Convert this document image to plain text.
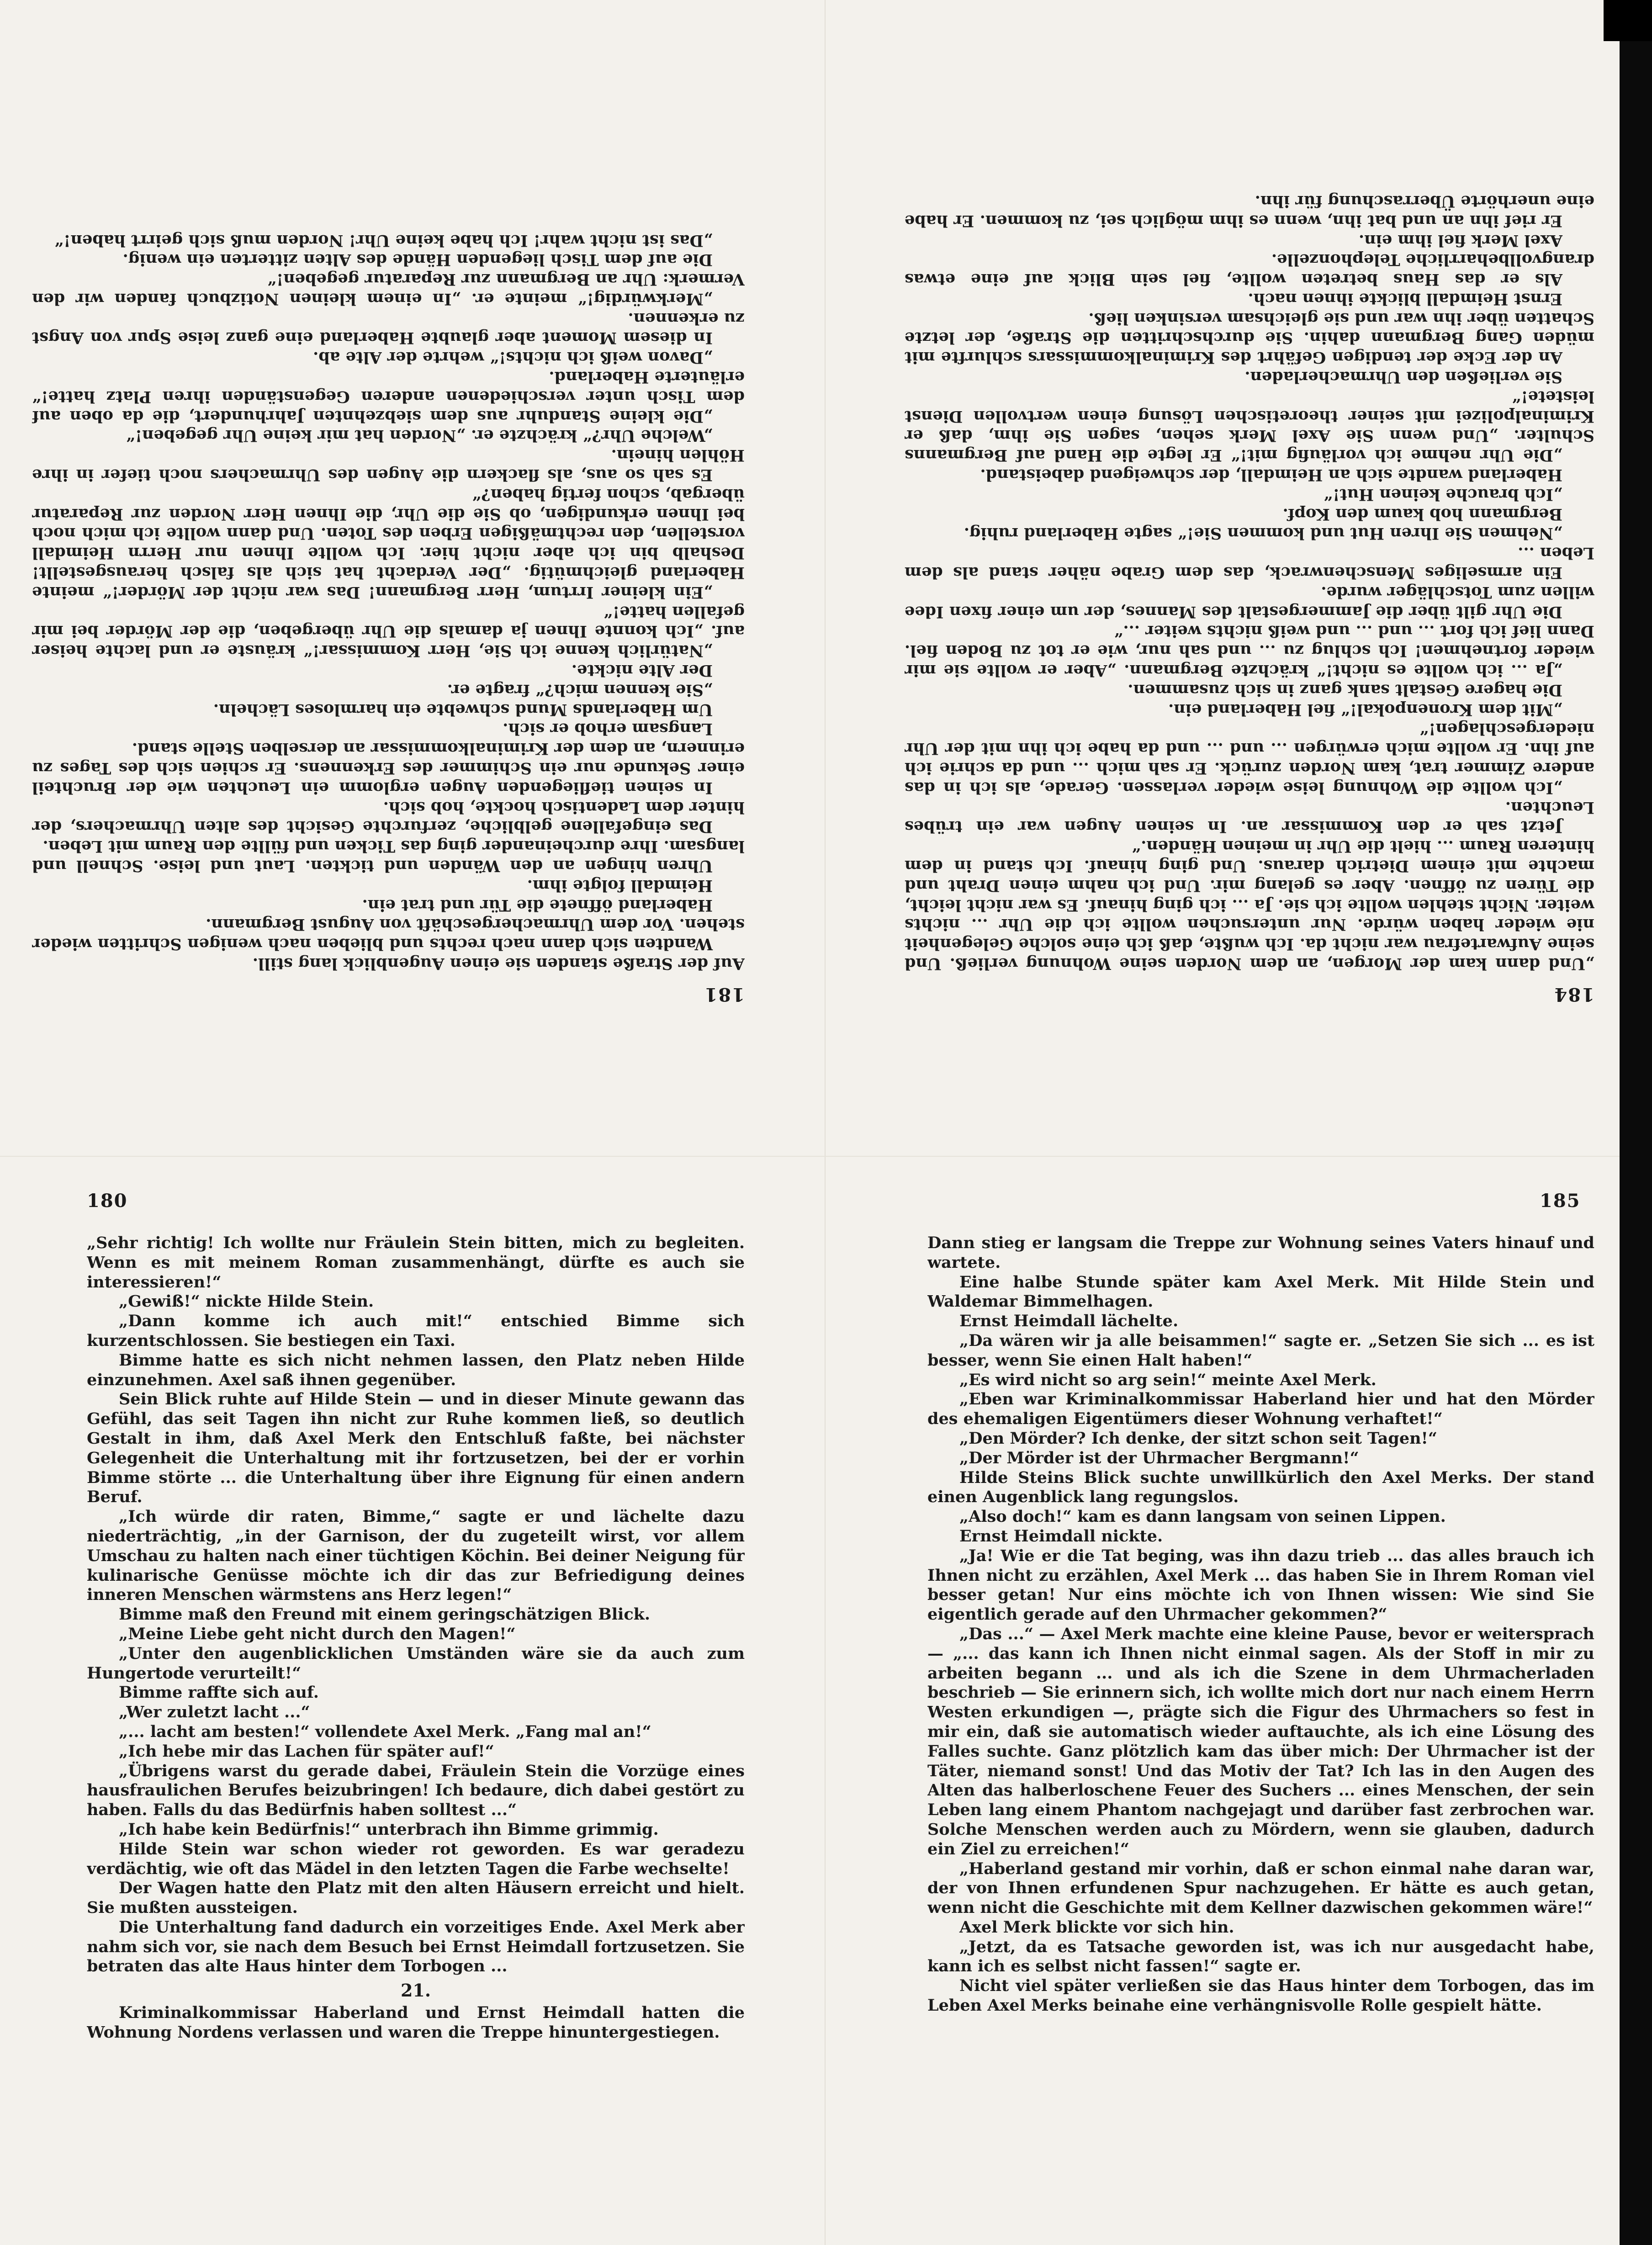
181

Auf der Straße standen sie einen Augenblick lang still.

Wandten sich dann nach rechts und blieben nach wenigen Schritten wieder stehen. Vor dem Uhrmachergeschäft von August Bergmann.

Haberland öffnete die Tür und trat ein.

Heimdall folgte ihm.

Uhren hingen an den Wänden und tickten. Laut und leise. Schnell und langsam. Ihre durcheinander ging das Ticken und füllte den Raum mit Leben.

Das eingefallene gelbliche, zerfurchte Gesicht des alten Uhrmachers, der hinter dem Ladentisch hockte, hob sich.

In seinen tiefliegenden Augen erglomm ein Leuchten wie der Bruchteil einer Sekunde nur ein Schimmer des Erkennens. Er schien sich des Tages zu erinnern, an dem der Kriminalkommissar an derselben Stelle stand.

Langsam erhob er sich.

Um Haberlands Mund schwebte ein harmloses Lächeln.

„Sie kennen mich?“ fragte er.

Der Alte nickte.

„Natürlich kenne ich Sie, Herr Kommissar!“ kräuste er und lachte heiser auf. „Ich konnte Ihnen ja damals die Uhr übergeben, die der Mörder bei mir gefallen hatte!“

„Ein kleiner Irrtum, Herr Bergmann! Das war nicht der Mörder!“ meinte Haberland gleichmütig. „Der Verdacht hat sich als falsch herausgestellt! Deshalb bin ich aber nicht hier. Ich wollte Ihnen nur Herrn Heimdall vorstellen, den rechtmäßigen Erben des Toten. Und dann wollte ich mich noch bei Ihnen erkundigen, ob Sie die Uhr, die Ihnen Herr Norden zur Reparatur übergab, schon fertig haben?“

Es sah so aus, als flackern die Augen des Uhrmachers noch tiefer in ihre Höhlen hinein.

„Welche Uhr?“ krächzte er. „Norden hat mir keine Uhr gegeben!“

„Die kleine Standuhr aus dem siebzehnten Jahrhundert, die da oben auf dem Tisch unter verschiedenen anderen Gegenständen ihren Platz hatte!“ erläuterte Haberland.

„Davon weiß ich nichts!“ wehrte der Alte ab.

In diesem Moment aber glaubte Haberland eine ganz leise Spur von Angst zu erkennen.

„Merkwürdig!“ meinte er. „In einem kleinen Notizbuch fanden wir den Vermerk: Uhr an Bergmann zur Reparatur gegeben!“

Die auf dem Tisch liegenden Hände des Alten zitterten ein wenig.

„Das ist nicht wahr! Ich habe keine Uhr! Norden muß sich geirrt haben!“

184

„Und dann kam der Morgen, an dem Norden seine Wohnung verließ. Und seine Aufwartefrau war nicht da. Ich wußte, daß ich eine solche Gelegenheit nie wieder haben würde. Nur untersuchen wollte ich die Uhr ... nichts weiter. Nicht stehlen wollte ich sie. Ja ... ich ging hinauf. Es war nicht leicht, die Türen zu öffnen. Aber es gelang mir. Und ich nahm einen Draht und machte mit einem Dietrich daraus. Und ging hinauf. Ich stand in dem hinteren Raum ... hielt die Uhr in meinen Händen.“

Jetzt sah er den Kommissar an. In seinen Augen war ein trübes Leuchten.

„Ich wollte die Wohnung leise wieder verlassen. Gerade, als ich in das andere Zimmer trat, kam Norden zurück. Er sah mich ... und da schrie ich auf ihn. Er wollte mich erwürgen ... und ... und da habe ich ihn mit der Uhr niedergeschlagen!“

„Mit dem Kronenpokal!“ fiel Haberland ein.

Die hagere Gestalt sank ganz in sich zusammen.

„Ja ... ich wollte es nicht!“ krächzte Bergmann. „Aber er wollte sie mir wieder fortnehmen! Ich schlug zu ... und sah nur, wie er tot zu Boden fiel. Dann lief ich fort ... und ... und weiß nichts weiter ...“

Die Uhr gilt über die Jammergestalt des Mannes, der um einer fixen Idee willen zum Totschläger wurde.

Ein armseliges Menschenwrack, das dem Grabe näher stand als dem Leben ...

„Nehmen Sie Ihren Hut und kommen Sie!“ sagte Haberland ruhig.

Bergmann hob kaum den Kopf.

„Ich brauche keinen Hut!“

Haberland wandte sich an Heimdall, der schweigend dabeistand.

„Die Uhr nehme ich vorläufig mit!“ Er legte die Hand auf Bergmanns Schulter. „Und wenn Sie Axel Merk sehen, sagen Sie ihm, daß er Kriminalpolizei mit seiner theoretischen Lösung einen wertvollen Dienst leistete!“

Sie verließen den Uhrmacherladen.

An der Ecke der tendigen Gefährt des Kriminalkommissars schlurfte mit müden Gang Bergmann dahin. Sie durchschritten die Straße, der letzte Schatten über ihn war und sie gleichsam versinken ließ.

Ernst Heimdall blickte ihnen nach.

Als er das Haus betreten wollte, fiel sein Blick auf eine etwas drangvollbeharrliche Telephonzelle.

Axel Merk fiel ihm ein.

Er rief ihn an und bat ihn, wenn es ihm möglich sei, zu kommen. Er habe eine unerhörte Überraschung für ihn.

180

„Sehr richtig! Ich wollte nur Fräulein Stein bitten, mich zu begleiten. Wenn es mit meinem Roman zusammenhängt, dürfte es auch sie interessieren!“

„Gewiß!“ nickte Hilde Stein.

„Dann komme ich auch mit!“ entschied Bimme sich kurzentschlossen. Sie bestiegen ein Taxi.

Bimme hatte es sich nicht nehmen lassen, den Platz neben Hilde einzunehmen. Axel saß ihnen gegenüber.

Sein Blick ruhte auf Hilde Stein — und in dieser Minute gewann das Gefühl, das seit Tagen ihn nicht zur Ruhe kommen ließ, so deutlich Gestalt in ihm, daß Axel Merk den Entschluß faßte, bei nächster Gelegenheit die Unterhaltung mit ihr fortzusetzen, bei der er vorhin Bimme störte ... die Unterhaltung über ihre Eignung für einen andern Beruf.

„Ich würde dir raten, Bimme,“ sagte er und lächelte dazu niederträchtig, „in der Garnison, der du zugeteilt wirst, vor allem Umschau zu halten nach einer tüchtigen Köchin. Bei deiner Neigung für kulinarische Genüsse möchte ich dir das zur Befriedigung deines inneren Menschen wärmstens ans Herz legen!“

Bimme maß den Freund mit einem geringschätzigen Blick.

„Meine Liebe geht nicht durch den Magen!“

„Unter den augenblicklichen Umständen wäre sie da auch zum Hungertode verurteilt!“

Bimme raffte sich auf.

„Wer zuletzt lacht ...“

„... lacht am besten!“ vollendete Axel Merk. „Fang mal an!“

„Ich hebe mir das Lachen für später auf!“

„Übrigens warst du gerade dabei, Fräulein Stein die Vorzüge eines hausfraulichen Berufes beizubringen! Ich bedaure, dich dabei gestört zu haben. Falls du das Bedürfnis haben solltest ...“

„Ich habe kein Bedürfnis!“ unterbrach ihn Bimme grimmig.

Hilde Stein war schon wieder rot geworden. Es war geradezu verdächtig, wie oft das Mädel in den letzten Tagen die Farbe wechselte!

Der Wagen hatte den Platz mit den alten Häusern erreicht und hielt. Sie mußten aussteigen.

Die Unterhaltung fand dadurch ein vorzeitiges Ende. Axel Merk aber nahm sich vor, sie nach dem Besuch bei Ernst Heimdall fortzusetzen. Sie betraten das alte Haus hinter dem Torbogen ...

21.

Kriminalkommissar Haberland und Ernst Heimdall hatten die Wohnung Nordens verlassen und waren die Treppe hinuntergestiegen.

185

Dann stieg er langsam die Treppe zur Wohnung seines Vaters hinauf und wartete.

Eine halbe Stunde später kam Axel Merk. Mit Hilde Stein und Waldemar Bimmelhagen.

Ernst Heimdall lächelte.

„Da wären wir ja alle beisammen!“ sagte er. „Setzen Sie sich ... es ist besser, wenn Sie einen Halt haben!“

„Es wird nicht so arg sein!“ meinte Axel Merk.

„Eben war Kriminalkommissar Haberland hier und hat den Mörder des ehemaligen Eigentümers dieser Wohnung verhaftet!“

„Den Mörder? Ich denke, der sitzt schon seit Tagen!“

„Der Mörder ist der Uhrmacher Bergmann!“

Hilde Steins Blick suchte unwillkürlich den Axel Merks. Der stand einen Augenblick lang regungslos.

„Also doch!“ kam es dann langsam von seinen Lippen.

Ernst Heimdall nickte.

„Ja! Wie er die Tat beging, was ihn dazu trieb ... das alles brauch ich Ihnen nicht zu erzählen, Axel Merk ... das haben Sie in Ihrem Roman viel besser getan! Nur eins möchte ich von Ihnen wissen: Wie sind Sie eigentlich gerade auf den Uhrmacher gekommen?“

„Das ...“ — Axel Merk machte eine kleine Pause, bevor er weitersprach — „... das kann ich Ihnen nicht einmal sagen. Als der Stoff in mir zu arbeiten begann ... und als ich die Szene in dem Uhrmacherladen beschrieb — Sie erinnern sich, ich wollte mich dort nur nach einem Herrn Westen erkundigen —, prägte sich die Figur des Uhrmachers so fest in mir ein, daß sie automatisch wieder auftauchte, als ich eine Lösung des Falles suchte. Ganz plötzlich kam das über mich: Der Uhrmacher ist der Täter, niemand sonst! Und das Motiv der Tat? Ich las in den Augen des Alten das halberloschene Feuer des Suchers ... eines Menschen, der sein Leben lang einem Phantom nachgejagt und darüber fast zerbrochen war. Solche Menschen werden auch zu Mördern, wenn sie glauben, dadurch ein Ziel zu erreichen!“

„Haberland gestand mir vorhin, daß er schon einmal nahe daran war, der von Ihnen erfundenen Spur nachzugehen. Er hätte es auch getan, wenn nicht die Geschichte mit dem Kellner dazwischen gekommen wäre!“

Axel Merk blickte vor sich hin.

„Jetzt, da es Tatsache geworden ist, was ich nur ausgedacht habe, kann ich es selbst nicht fassen!“ sagte er.

Nicht viel später verließen sie das Haus hinter dem Torbogen, das im Leben Axel Merks beinahe eine verhängnisvolle Rolle gespielt hätte.
